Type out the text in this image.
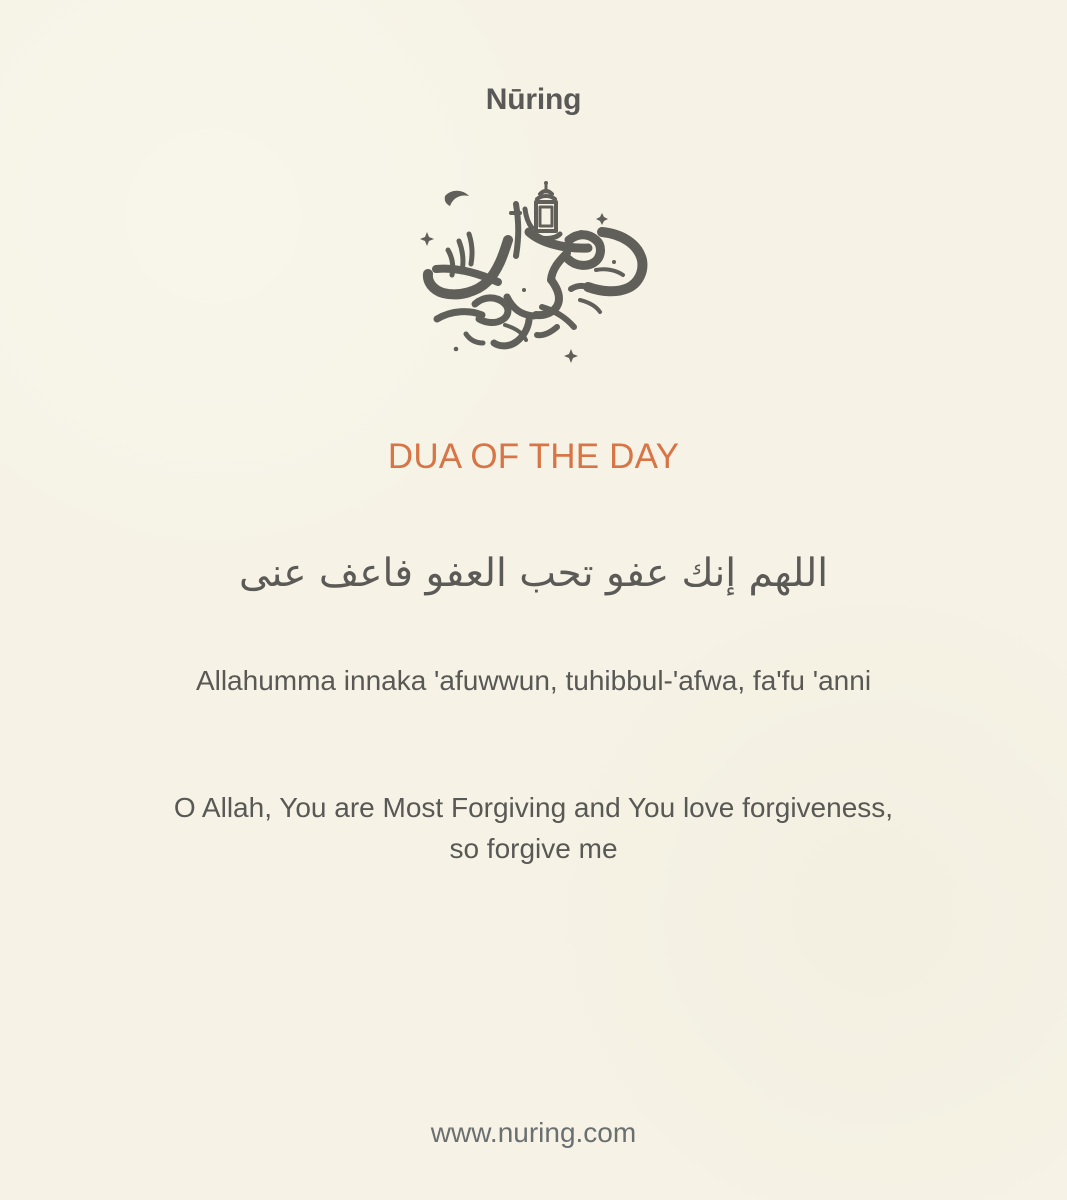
Nūring
DUA OF THE DAY
اللهم إنك عفو تحب العفو فاعف عنى
Allahumma innaka 'afuwwun, tuhibbul-'afwa, fa'fu 'anni
O Allah, You are Most Forgiving and You love forgiveness,
so forgive me
www.nuring.com
